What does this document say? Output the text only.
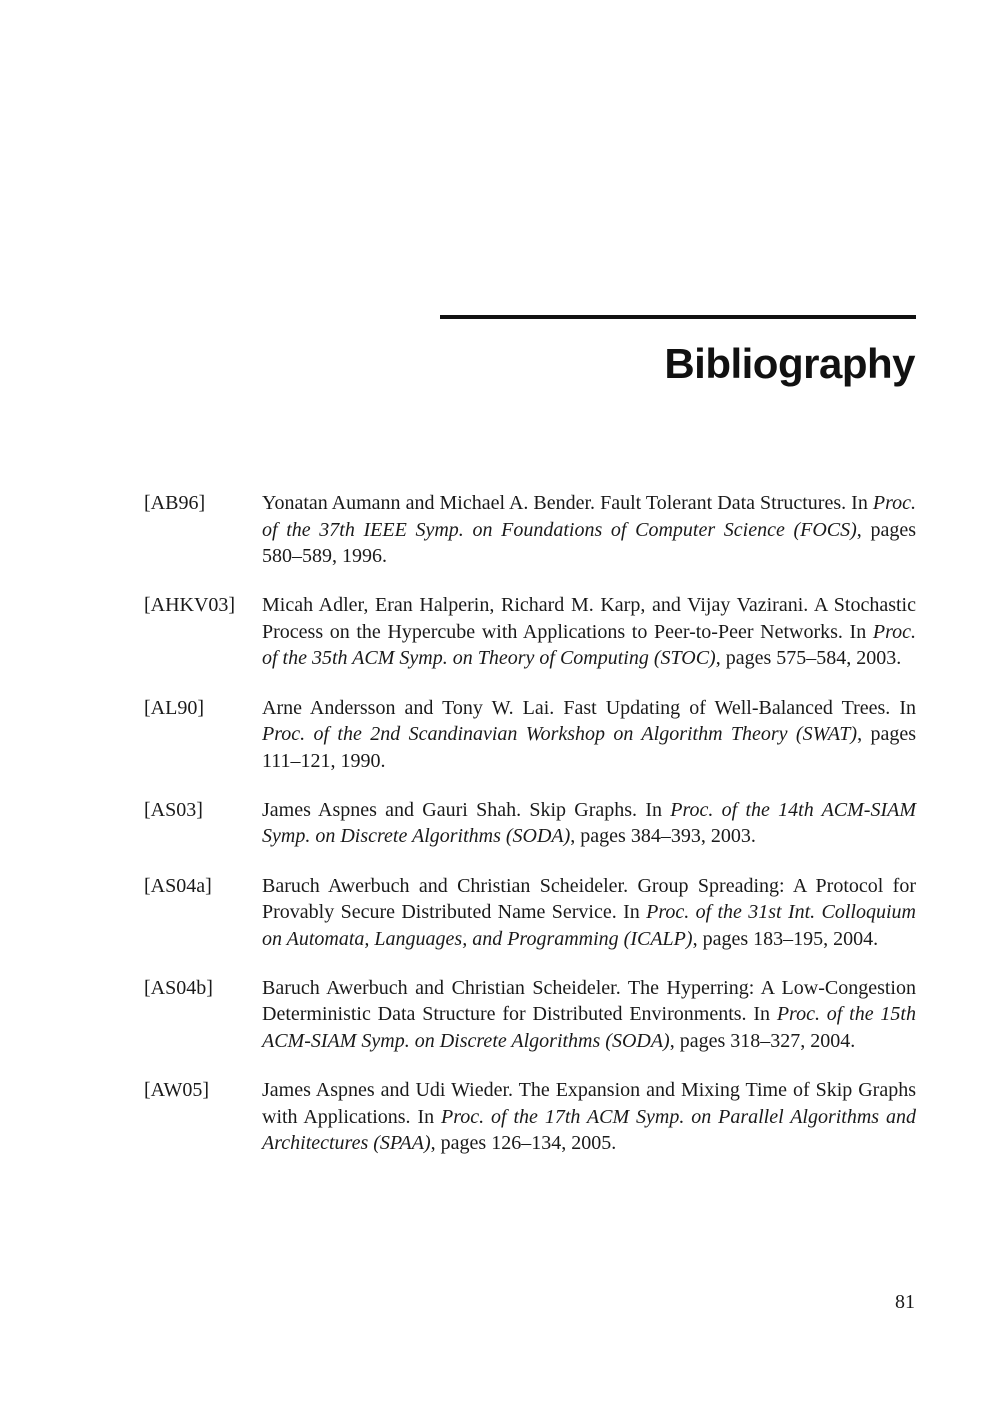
Bibliography
[AB96]	Yonatan Aumann and Michael A. Bender. Fault Tolerant Data Structures. In Proc. of the 37th IEEE Symp. on Foundations of Computer Science (FOCS), pages 580–589, 1996.
[AHKV03]	Micah Adler, Eran Halperin, Richard M. Karp, and Vijay Vazirani. A Stochastic Process on the Hypercube with Applications to Peer-to-Peer Networks. In Proc. of the 35th ACM Symp. on Theory of Computing (STOC), pages 575–584, 2003.
[AL90]	Arne Andersson and Tony W. Lai. Fast Updating of Well-Balanced Trees. In Proc. of the 2nd Scandinavian Workshop on Algorithm Theory (SWAT), pages 111–121, 1990.
[AS03]	James Aspnes and Gauri Shah. Skip Graphs. In Proc. of the 14th ACM-SIAM Symp. on Discrete Algorithms (SODA), pages 384–393, 2003.
[AS04a]	Baruch Awerbuch and Christian Scheideler. Group Spreading: A Protocol for Provably Secure Distributed Name Service. In Proc. of the 31st Int. Colloquium on Automata, Languages, and Programming (ICALP), pages 183–195, 2004.
[AS04b]	Baruch Awerbuch and Christian Scheideler. The Hyperring: A Low-Congestion Deterministic Data Structure for Distributed Environments. In Proc. of the 15th ACM-SIAM Symp. on Discrete Algorithms (SODA), pages 318–327, 2004.
[AW05]	James Aspnes and Udi Wieder. The Expansion and Mixing Time of Skip Graphs with Applications. In Proc. of the 17th ACM Symp. on Parallel Algorithms and Architectures (SPAA), pages 126–134, 2005.
81
